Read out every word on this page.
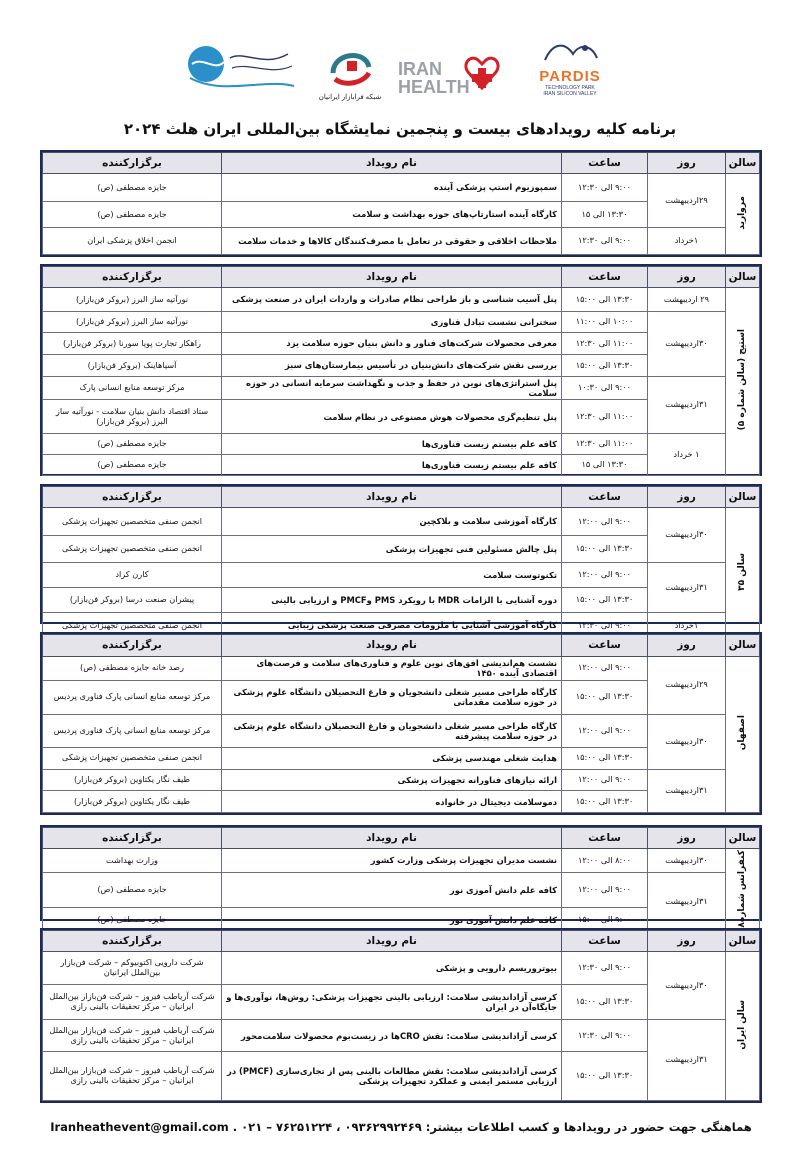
PARDIS
TECHNOLOGY PARK
IRAN SILICON VALLEY
IRAN
HEALTH
شبکه فرابازار ایرانیان
برنامه کلیه رویدادهای بیست و پنجمین نمایشگاه بین‌المللی ایران هلث ۲۰۲۴
سالن	روز	ساعت	نام رویداد	برگزارکننده
مروارید	۲۹اردیبهشت	۹:۰۰ الی ۱۲:۳۰	سمپوزیوم استپ پزشکی آینده	جایزه مصطفی (ص)
		۱۳:۳۰ الی ۱۵	کارگاه آینده استارتاپ‌های حوزه بهداشت و سلامت	جایزه مصطفی (ص)
	۱خرداد	۹:۰۰ الی ۱۲:۳۰	ملاحظات اخلاقی و حقوقی در تعامل با مصرف‌کنندگان کالاها و خدمات سلامت	انجمن اخلاق پزشکی ایران
سالن	روز	ساعت	نام رویداد	برگزارکننده
استیج (سالن شماره ۵)	۲۹ اردیبهشت	۱۳:۳۰ الی ۱۵:۰۰	پنل آسیب شناسی و باز طراحی نظام صادرات و واردات ایران در صنعت پزشکی	نورآتیه ساز البرز (بروکر فن‌بازار)
	۳۰اردیبهشت	۱۰:۰۰ الی ۱۱:۰۰	سخنرانی نشست تبادل فناوری	نورآتیه ساز البرز (بروکر فن‌بازار)
		۱۱:۰۰ الی ۱۲:۳۰	معرفی محصولات شرکت‌های فناور و دانش بنیان حوزه سلامت یزد	راهکار تجارت پویا سورنا (بروکر فن‌بازار)
		۱۳:۳۰ الی ۱۵:۰۰	بررسی نقش شرکت‌های دانش‌بنیان در تأسیس بیمارستان‌های سبز	آسیاهاینک (بروکر فن‌بازار)
	۳۱اردیبهشت	۹:۰۰ الی ۱۰:۳۰	پنل استراتژی‌های نوین در حفظ و جذب و نگهداشت سرمایه انسانی در حوزه سلامت	مرکز توسعه منابع انسانی پارک
		۱۱:۰۰ الی ۱۲:۳۰	پنل تنظیم‌گری محصولات هوش مصنوعی در نظام سلامت	ستاد اقتصاد دانش بنیان سلامت - نورآتیه ساز البرز (بروکر فن‌بازار)
	۱ خرداد	۱۱:۰۰ الی ۱۲:۳۰	کافه علم بیستم زیست فناوری‌ها	جایزه مصطفی (ص)
		۱۳:۳۰ الی ۱۵	کافه علم بیستم زیست فناوری‌ها	جایزه مصطفی (ص)
سالن	روز	ساعت	نام رویداد	برگزارکننده
سالن ۳۵	۳۰اردیبهشت	۹:۰۰ الی ۱۲:۰۰	کارگاه آموزشی سلامت و بلاکچین	انجمن صنفی متخصصین تجهیزات پزشکی
		۱۳:۳۰ الی ۱۵:۰۰	پنل چالش مسئولین فنی تجهیزات پزشکی	انجمن صنفی متخصصین تجهیزات پزشکی
	۳۱اردیبهشت	۹:۰۰ الی ۱۲:۰۰	تکنوتوست سلامت	کارن کراد
		۱۳:۳۰ الی ۱۵:۰۰	دوره آشنایی با الزامات MDR با رویکرد PMS وPMCF و ارزیابی بالینی	پیشران صنعت درسا (بروکر فن‌بازار)
	۱خرداد	۹:۰۰ الی ۱۲:۳۰	کارگاه آموزشی آشنایی با ملزومات مصرفی صنعت پزشکی زیبایی	انجمن صنفی متخصصین تجهیزات پزشکی
سالن	روز	ساعت	نام رویداد	برگزارکننده
اصفهان	۲۹اردیبهشت	۹:۰۰ الی ۱۲:۰۰	نشست هم‌اندیشی افق‌های نوین علوم و فناوری‌های سلامت و فرصت‌های اقتصادی آینده ۱۴۵۰	رصد خانه جایزه مصطفی (ص)
		۱۳:۳۰ الی ۱۵:۰۰	کارگاه طراحی مسیر شغلی دانشجویان و فارغ التحصیلان دانشگاه علوم پزشکی در حوزه سلامت مقدماتی	مرکز توسعه منابع انسانی پارک فناوری پردیس
	۳۰اردیبهشت	۹:۰۰ الی ۱۲:۰۰	کارگاه طراحی مسیر شغلی دانشجویان و فارغ التحصیلان دانشگاه علوم پزشکی در حوزه سلامت پیشرفته	مرکز توسعه منابع انسانی پارک فناوری پردیس
		۱۳:۳۰ الی ۱۵:۰۰	هدایت شغلی مهندسی پزشکی	انجمن صنفی متخصصین تجهیزات پزشکی
	۳۱اردیبهشت	۹:۰۰ الی ۱۲:۰۰	ارائه نیازهای فناورانه تجهیزات پزشکی	طیف نگار یکتاوین (بروکر فن‌بازار)
		۱۳:۳۰ الی ۱۵:۰۰	دموسلامت دیجیتال در خانواده	طیف نگار یکتاوین (بروکر فن‌بازار)
سالن	روز	ساعت	نام رویداد	برگزارکننده
کنفرانس شماره۸	۳۰اردیبهشت	۸:۰۰ الی ۱۲:۰۰	نشست مدیران تجهیزات پزشکی وزارت کشور	وزارت بهداشت
	۳۱اردیبهشت	۹:۰۰ الی ۱۲:۰۰	کافه علم دانش آموزی نور	جایزه مصطفی (ص)
		۹:۰۰ الی ۱۵:۰۰	کافه علم دانش آموزی نور	جایزه مصطفی (ص)
سالن	روز	ساعت	نام رویداد	برگزارکننده
سالن ایران	۳۰اردیبهشت	۹:۰۰ الی ۱۲:۳۰	بیوتروریسم دارویی و پزشکی	شرکت دارویی اکتوبیوکم – شرکت فن‌بازار بین‌الملل ایرانیان
		۱۳:۳۰ الی ۱۵:۰۰	کرسی آزاداندیشی سلامت: ارزیابی بالینی تجهیزات پزشکی: روش‌ها، نوآوری‌ها و جایگاه‌آن در ایران	شرکت آریاطب فیروز – شرکت فن‌بازار بین‌الملل ایرانیان – مرکز تحقیقات بالینی رازی
	۳۱اردیبهشت	۹:۰۰ الی ۱۲:۳۰	کرسی آزاداندیشی سلامت: نقش CROها در زیست‌بوم محصولات سلامت‌محور	شرکت آریاطب فیروز – شرکت فن‌بازار بین‌الملل ایرانیان – مرکز تحقیقات بالینی رازی
		۱۳:۳۰ الی ۱۵:۰۰	کرسی آزاداندیشی سلامت: نقش مطالعات بالینی پس از تجاری‌سازی (PMCF) در ارزیابی مستمر ایمنی و عملکرد تجهیزات پزشکی	شرکت آریاطب فیروز – شرکت فن‌بازار بین‌الملل ایرانیان – مرکز تحقیقات بالینی رازی
هماهنگی جهت حضور در رویدادها و کسب اطلاعات بیشتر: ۰۹۳۶۲۹۹۲۴۶۹ ، ۷۶۲۵۱۲۲۴ – ۰۲۱ . Iranheathevent@gmail.com
